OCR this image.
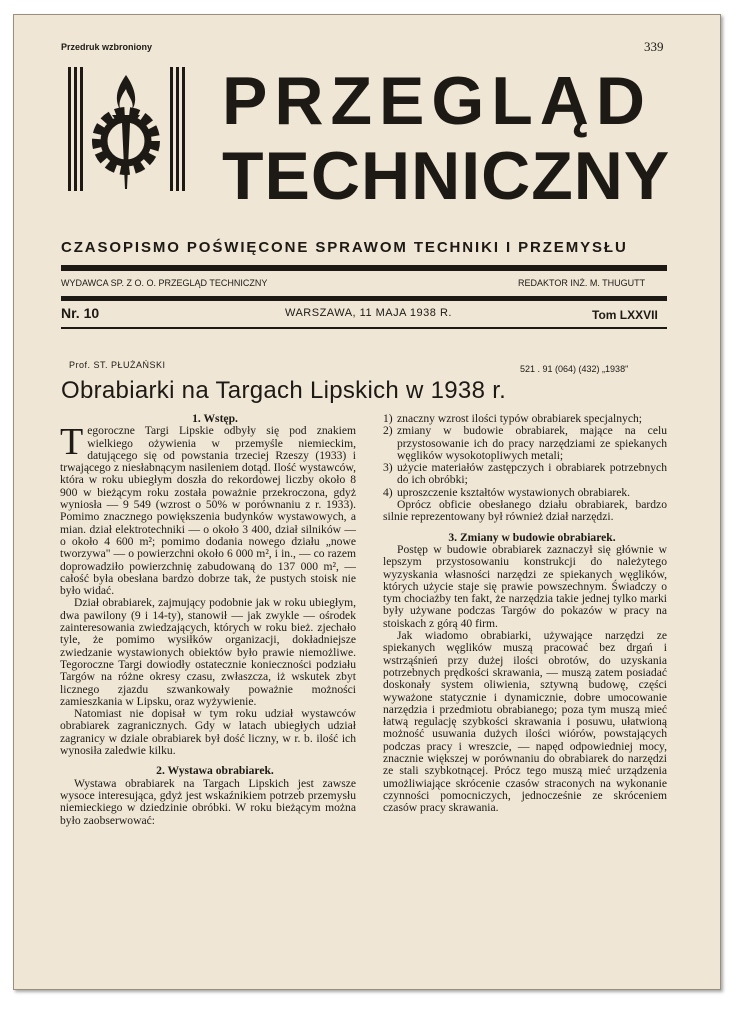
Przedruk wzbroniony	339
PRZEGLĄD
TECHNICZNY
CZASOPISMO POŚWIĘCONE SPRAWOM TECHNIKI I PRZEMYSŁU
WYDAWCA SP. Z O. O. PRZEGLĄD TECHNICZNY	REDAKTOR INŻ. M. THUGUTT
Nr. 10	WARSZAWA, 11 MAJA 1938 R.	Tom LXXVII
Prof. ST. PŁUŻAŃSKI	521 . 91 (064) (432) „1938"
Obrabiarki na Targach Lipskich w 1938 r.

1. Wstęp.

Tegoroczne Targi Lipskie odbyły się pod znakiem wielkiego ożywienia w przemyśle niemieckim, datującego się od powstania trzeciej Rzeszy (1933) i trwającego z niesłabnącym nasileniem dotąd. Ilość wystawców, która w roku ubiegłym doszła do rekordowej liczby około 8 900 w bieżącym roku została poważnie przekroczona, gdyż wyniosła — 9 549 (wzrost o 50% w porównaniu z r. 1933). Pomimo znacznego powiększenia budynków wystawowych, a mian. dział elektrotechniki — o około 3 400, dział silników — o około 4 600 m²; pomimo dodania nowego działu „nowe tworzywa" — o powierzchni około 6 000 m², i in., — co razem doprowadziło powierzchnię zabudowaną do 137 000 m², — całość była obesłana bardzo dobrze tak, że pustych stoisk nie było widać.

Dział obrabiarek, zajmujący podobnie jak w roku ubiegłym, dwa pawilony (9 i 14-ty), stanowił — jak zwykle — ośrodek zainteresowania zwiedzających, których w roku bież. zjechało tyle, że pomimo wysiłków organizacji, dokładniejsze zwiedzanie wystawionych obiektów było prawie niemożliwe. Tegoroczne Targi dowiodły ostatecznie konieczności podziału Targów na różne okresy czasu, zwłaszcza, iż wskutek zbyt licznego zjazdu szwankowały poważnie możności zamieszkania w Lipsku, oraz wyżywienie.

Natomiast nie dopisał w tym roku udział wystawców obrabiarek zagranicznych. Gdy w latach ubiegłych udział zagranicy w dziale obrabiarek był dość liczny, w r. b. ilość ich wynosiła zaledwie kilku.

2. Wystawa obrabiarek.

Wystawa obrabiarek na Targach Lipskich jest zawsze wysoce interesująca, gdyż jest wskaźnikiem potrzeb przemysłu niemieckiego w dziedzinie obróbki. W roku bieżącym można było zaobserwować:

1) znaczny wzrost ilości typów obrabiarek specjalnych;
2) zmiany w budowie obrabiarek, mające na celu przystosowanie ich do pracy narzędziami ze spiekanych węglików wysokotopliwych metali;
3) użycie materiałów zastępczych i obrabiarek potrzebnych do ich obróbki;
4) uproszczenie kształtów wystawionych obrabiarek.

Oprócz obficie obesłanego działu obrabiarek, bardzo silnie reprezentowany był również dział narzędzi.

3. Zmiany w budowie obrabiarek.

Postęp w budowie obrabiarek zaznaczył się głównie w lepszym przystosowaniu konstrukcji do należytego wyzyskania własności narzędzi ze spiekanych węglików, których użycie staje się prawie powszechnym. Świadczy o tym chociażby ten fakt, że narzędzia takie jednej tylko marki były używane podczas Targów do pokazów w pracy na stoiskach z górą 40 firm.

Jak wiadomo obrabiarki, używające narzędzi ze spiekanych węglików muszą pracować bez drgań i wstrząśnień przy dużej ilości obrotów, do uzyskania potrzebnych prędkości skrawania, — muszą zatem posiadać doskonały system oliwienia, sztywną budowę, części wyważone statycznie i dynamicznie, dobre umocowanie narzędzia i przedmiotu obrabianego; poza tym muszą mieć łatwą regulację szybkości skrawania i posuwu, ułatwioną możność usuwania dużych ilości wiórów, powstających podczas pracy i wreszcie, — napęd odpowiedniej mocy, znacznie większej w porównaniu do obrabiarek do narzędzi ze stali szybkotnącej. Prócz tego muszą mieć urządzenia umożliwiające skrócenie czasów straconych na wykonanie czynności pomocniczych, jednocześnie ze skróceniem czasów pracy skrawania.
